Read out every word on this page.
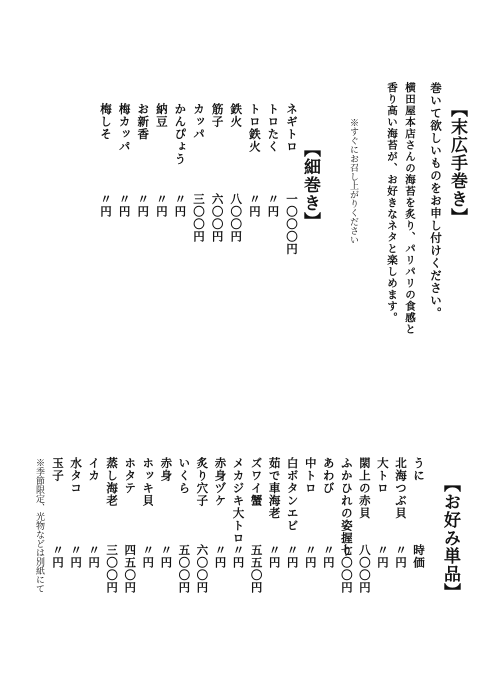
【末広手巻き】
巻いて欲しいものをお申し付けください。
横田屋本店さんの海苔を炙り、パリパリの食感と
香り高い海苔が、お好きなネタと楽しめます。
※すぐにお召し上がりください
【細巻き】
ネギトロ
一〇〇〇円
トロたく
〃円
トロ鉄火
〃円
鉄火
八〇〇円
筋子
六〇〇円
カッパ
三〇〇円
かんぴょう
〃円
納豆
〃円
お新香
〃円
梅カッパ
〃円
梅しそ
〃円
【お好み単品】
うに
時価
北海つぶ貝
〃円
大トロ
〃円
閖上の赤貝
八〇〇円
ふかひれの姿握り
七〇〇円
あわび
〃円
中トロ
〃円
白ボタンエビ
〃円
茹で車海老
〃円
ズワイ蟹
五五〇円
メカジキ大トロ
〃円
赤身ヅケ
〃円
炙り穴子
六〇〇円
いくら
五〇〇円
赤身
〃円
ホッキ貝
〃円
ホタテ
四五〇円
蒸し海老
三〇〇円
イカ
〃円
水タコ
〃円
玉子
〃円
※季節限定、光物などは別紙にて
